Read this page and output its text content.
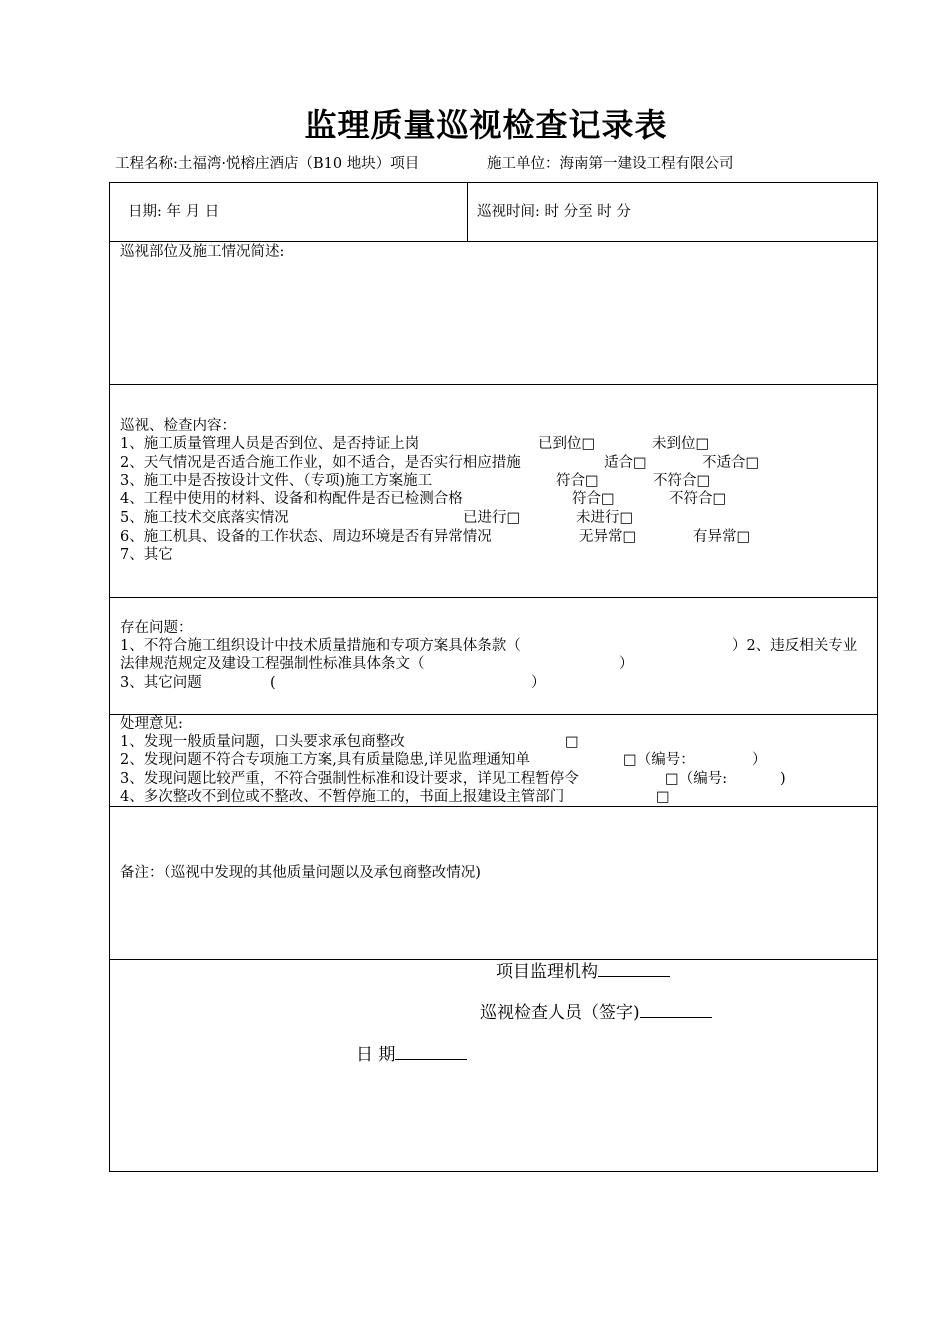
监理质量巡视检查记录表
工程名称:土福湾·悦榕庄酒店（B10 地块）项目	施工单位：海南第一建设工程有限公司
日期: 年 月 日	巡视时间: 时 分至 时 分
巡视部位及施工情况简述:
巡视、检查内容：
1、施工质量管理人员是否到位、是否持证上岗	已到位□	未到位□
2、天气情况是否适合施工作业，如不适合，是否实行相应措施	适合□	不适合□
3、施工中是否按设计文件、（专项)施工方案施工	符合□	不符合□
4、工程中使用的材料、设备和构配件是否已检测合格	符合□	不符合□
5、施工技术交底落实情况	已进行□	未进行□
6、施工机具、设备的工作状态、周边环境是否有异常情况	无异常□	有异常□
7、其它
存在问题：
1、不符合施工组织设计中技术质量措施和专项方案具体条款（	）2、违反相关专业
法律规范规定及建设工程强制性标准具体条文（	）
3、其它问题	(	）
处理意见:
1、发现一般质量问题，口头要求承包商整改	□
2、发现问题不符合专项施工方案,具有质量隐患,详见监理通知单	□（编号：	）
3、发现问题比较严重，不符合强制性标准和设计要求，详见工程暂停令	□（编号:	)
4、多次整改不到位或不整改、不暂停施工的，书面上报建设主管部门	□
备注：（巡视中发现的其他质量问题以及承包商整改情况)
项目监理机构
巡视检查人员（签字)
日 期
